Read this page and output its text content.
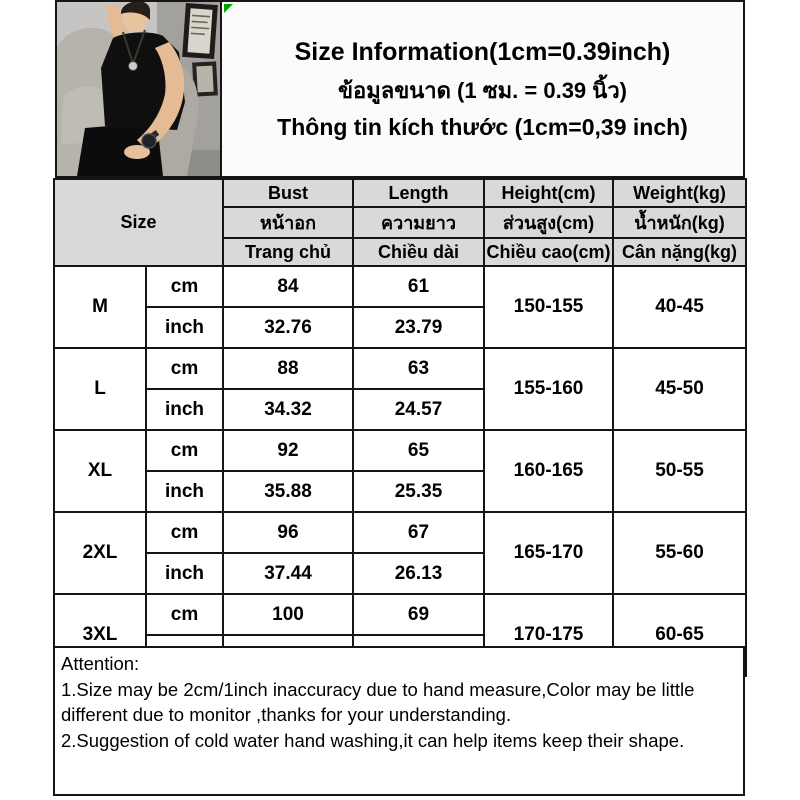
Size Information(1cm=0.39inch)
ข้อมูลขนาด (1 ซม. = 0.39 นิ้ว)
Thông tin kích thước (1cm=0,39 inch)
Size		Bust	Length	Height(cm)	Weight(kg)
		หน้าอก	ความยาว	ส่วนสูง(cm)	น้ำหนัก(kg)
		Trang chủ	Chiều dài	Chiều cao(cm)	Cân nặng(kg)
M	cm	84	61	150-155	40-45
	inch	32.76	23.79		
L	cm	88	63	155-160	45-50
	inch	34.32	24.57		
XL	cm	92	65	160-165	50-55
	inch	35.88	25.35		
2XL	cm	96	67	165-170	55-60
	inch	37.44	26.13		
3XL	cm	100	69	170-175	60-65

Attention:

1.Size may be 2cm/1inch inaccuracy due to hand measure,Color may be little different due to monitor ,thanks for your understanding.

2.Suggestion of cold water hand washing,it can help items keep their shape.
